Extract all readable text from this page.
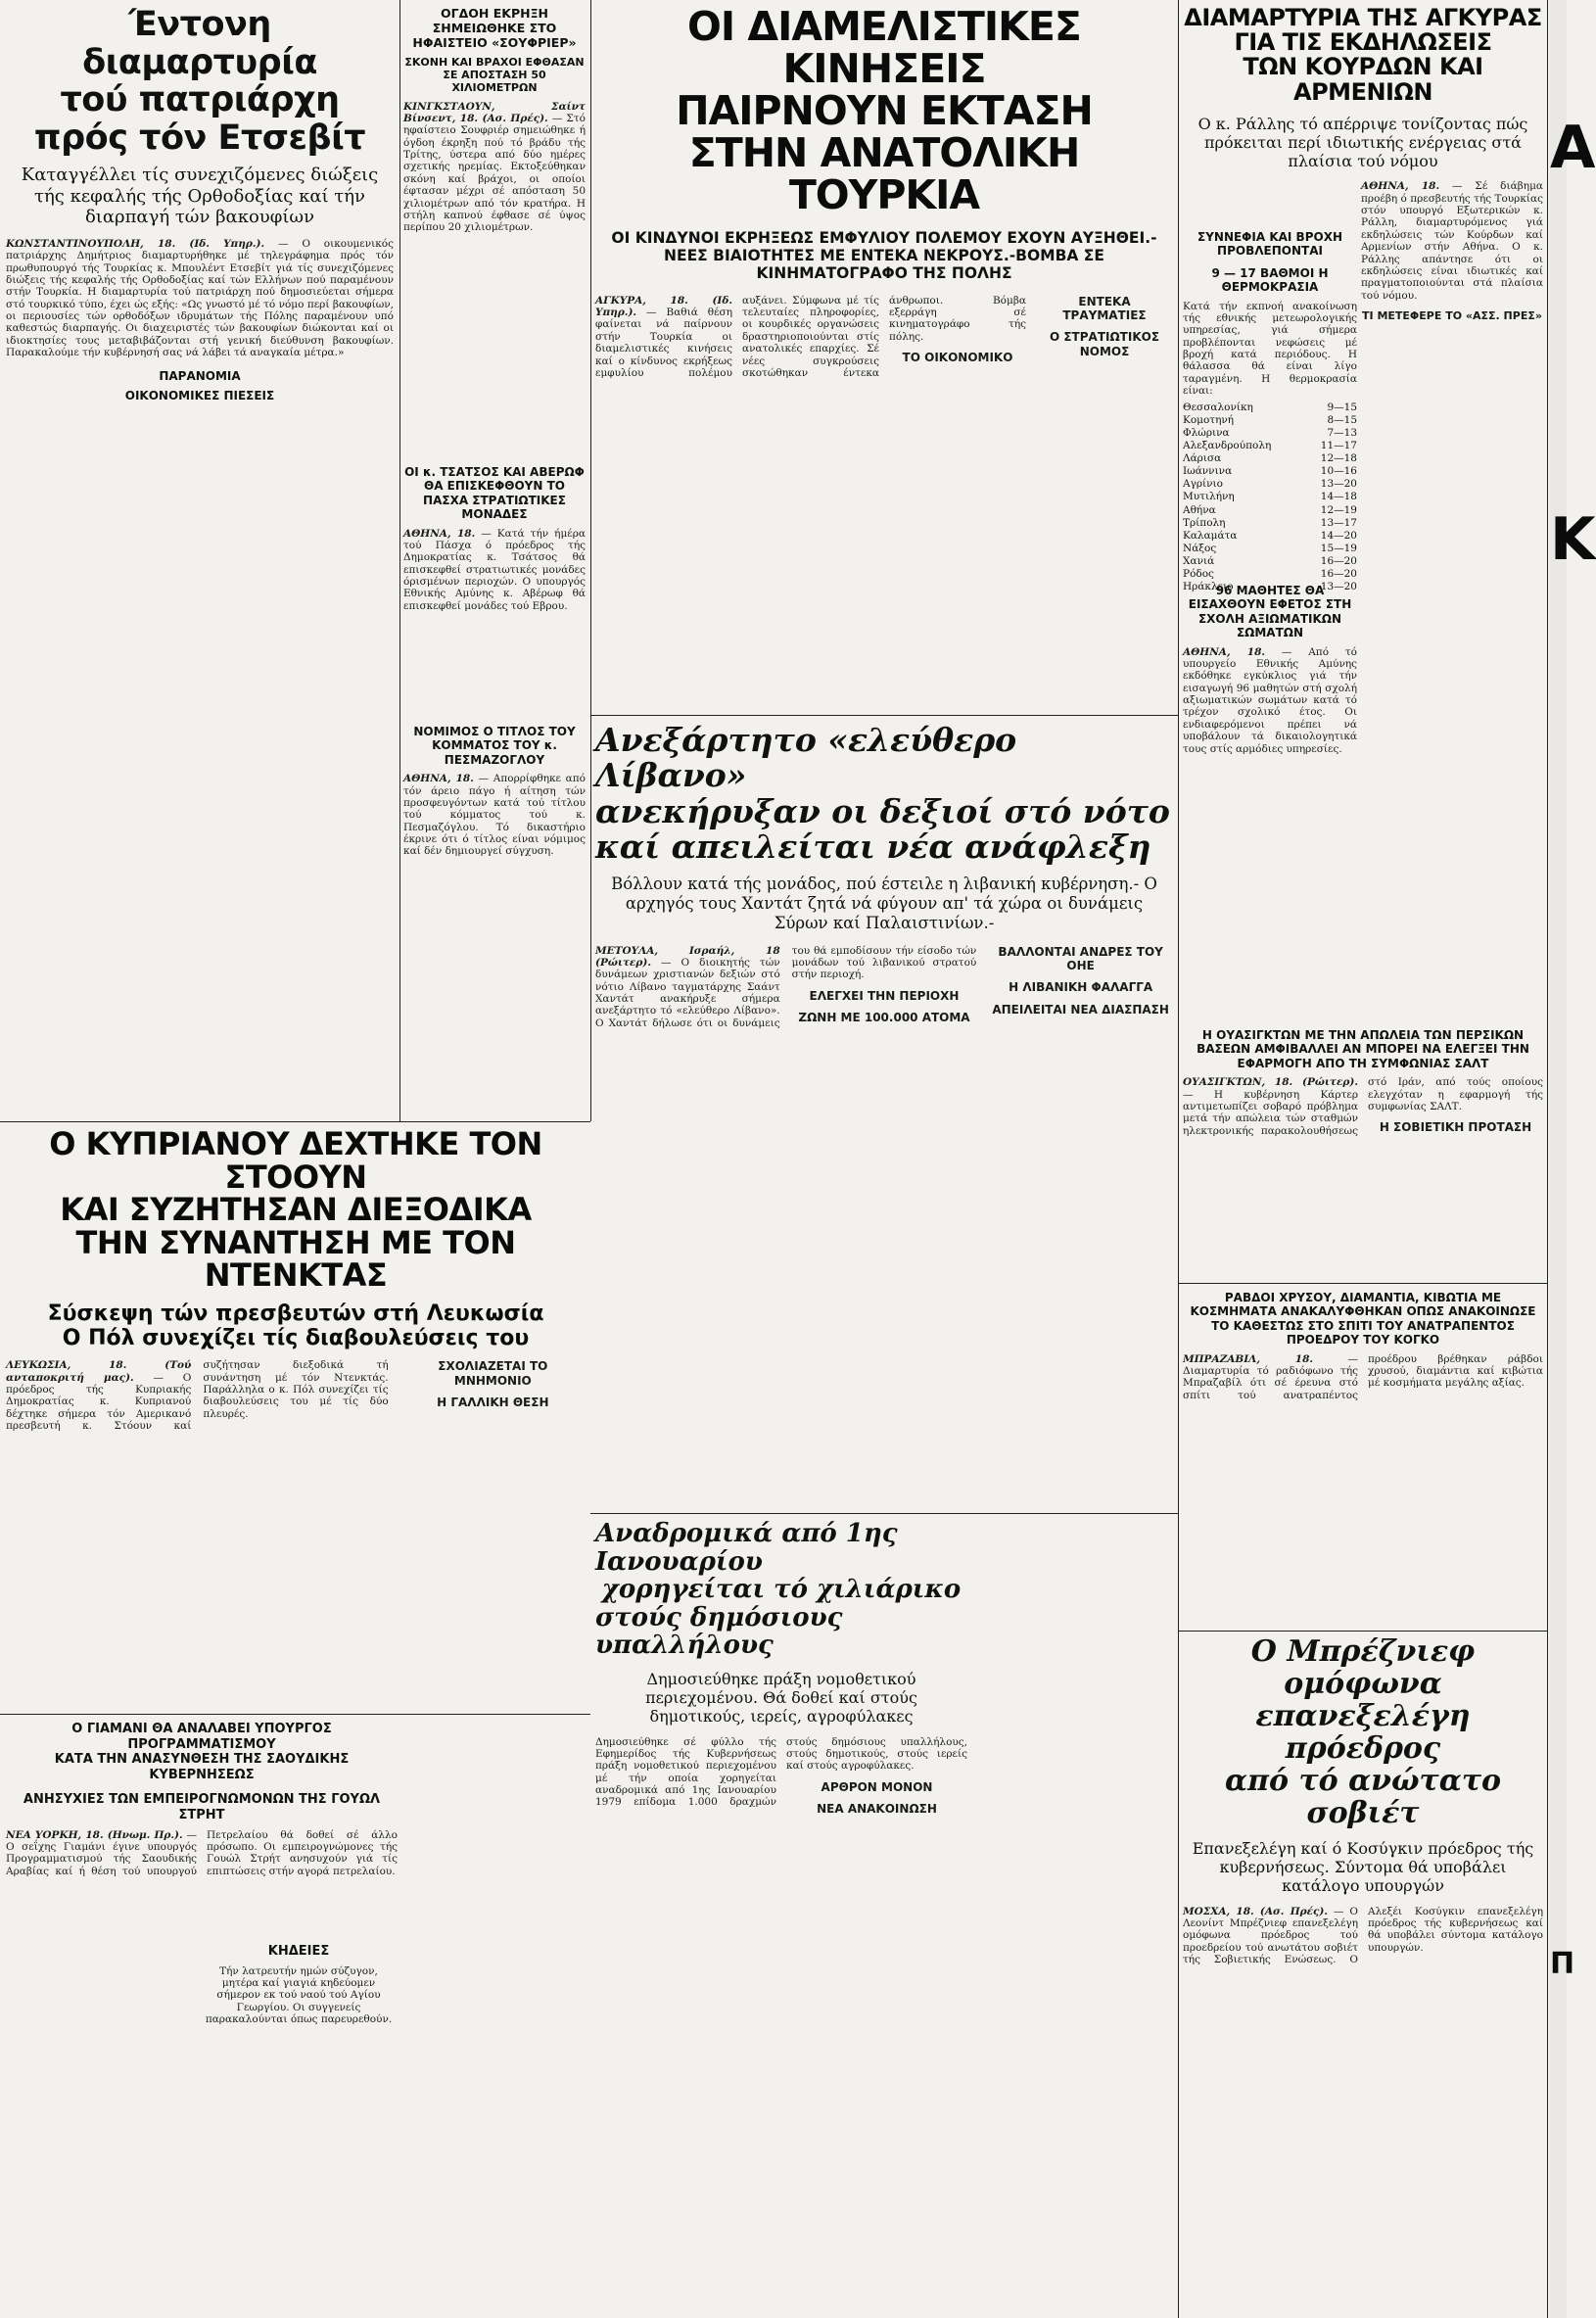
Έντονη διαμαρτυρία
τού πατριάρχη
πρός τόν Ετσεβίτ
Καταγγέλλει τίς συνεχιζόμενες διώξεις τής κεφαλής τής Ορθοδοξίας καί τήν διαρπαγή τών βακουφίων
ΚΩΝΣΤΑΝΤΙΝΟΥΠΟΛΗ, 18. (Ιδ. Υπηρ.). — Ο οικουμενικός πατριάρχης Δημήτριος διαμαρτυρήθηκε μέ τηλεγράφημα πρός τόν πρωθυπουργό τής Τουρκίας κ. Μπουλέντ Ετσεβίτ γιά τίς συνεχιζόμενες διώξεις τής κεφαλής τής Ορθοδοξίας καί τών Ελλήνων πού παραμένουν στήν Τουρκία. Η διαμαρτυρία τού πατριάρχη πού δημοσιεύεται σήμερα στό τουρκικό τύπο, έχει ώς εξής: «Ως γνωστό μέ τό νόμο περί βακουφίων, οι περιουσίες τών ορθοδόξων ιδρυμάτων τής Πόλης παραμένουν υπό καθεστώς διαρπαγής. Οι διαχειριστές τών βακουφίων διώκονται καί οι ιδιοκτησίες τους μεταβιβάζονται στή γενική διεύθυνση βακουφίων. Παρακαλούμε τήν κυβέρνησή σας νά λάβει τά αναγκαία μέτρα.»
ΠΑΡΑΝΟΜΙΑ
ΟΙΚΟΝΟΜΙΚΕΣ ΠΙΕΣΕΙΣ
ΟΓΔΟΗ ΕΚΡΗΞΗ ΣΗΜΕΙΩΘΗΚΕ ΣΤΟ ΗΦΑΙΣΤΕΙΟ «ΣΟΥΦΡΙΕΡ»
ΣΚΟΝΗ ΚΑΙ ΒΡΑΧΟΙ ΕΦΘΑΣΑΝ ΣΕ ΑΠΟΣΤΑΣΗ 50 ΧΙΛΙΟΜΕΤΡΩΝ
ΚΙΝΓΚΣΤΑΟΥΝ, Σαίντ Βίνσεντ, 18. (Ασ. Πρές). — Στό ηφαίστειο Σουφριέρ σημειώθηκε ή όγδοη έκρηξη πού τό βράδυ τής Τρίτης, ύστερα από δύο ημέρες σχετικής ηρεμίας. Εκτοξεύθηκαν σκόνη καί βράχοι, οι οποίοι έφτασαν μέχρι σέ απόσταση 50 χιλιομέτρων από τόν κρατήρα. Η στήλη καπνού έφθασε σέ ύψος περίπου 20 χιλιομέτρων.
ΟΙ κ. ΤΣΑΤΣΟΣ ΚΑΙ ΑΒΕΡΩΦ ΘΑ ΕΠΙΣΚΕΦΘΟΥΝ ΤΟ ΠΑΣΧΑ ΣΤΡΑΤΙΩΤΙΚΕΣ ΜΟΝΑΔΕΣ
ΑΘΗΝΑ, 18. — Κατά τήν ήμέρα τού Πάσχα ό πρόεδρος τής Δημοκρατίας κ. Τσάτσος θά επισκεφθεί στρατιωτικές μονάδες όρισμένων περιοχών. Ο υπουργός Εθνικής Αμύνης κ. Αβέρωφ θά επισκεφθεί μονάδες τού Εβρου.
ΝΟΜΙΜΟΣ Ο ΤΙΤΛΟΣ ΤΟΥ ΚΟΜΜΑΤΟΣ ΤΟΥ κ. ΠΕΣΜΑΖΟΓΛΟΥ
ΑΘΗΝΑ, 18. — Απορρίφθηκε από τόν άρειο πάγο ή αίτηση τών προσφευγόντων κατά τού τίτλου τού κόμματος τού κ. Πεσμαζόγλου. Τό δικαστήριο έκρινε ότι ό τίτλος είναι νόμιμος καί δέν δημιουργεί σύγχυση.
ΟΙ ΔΙΑΜΕΛΙΣΤΙΚΕΣ ΚΙΝΗΣΕΙΣ
ΠΑΙΡΝΟΥΝ ΕΚΤΑΣΗ
ΣΤΗΝ ΑΝΑΤΟΛΙΚΗ ΤΟΥΡΚΙΑ
ΟΙ ΚΙΝΔΥΝΟΙ ΕΚΡΗΞΕΩΣ ΕΜΦΥΛΙΟΥ ΠΟΛΕΜΟΥ ΕΧΟΥΝ ΑΥΞΗΘΕΙ.- ΝΕΕΣ ΒΙΑΙΟΤΗΤΕΣ ΜΕ ΕΝΤΕΚΑ ΝΕΚΡΟΥΣ.-ΒΟΜΒΑ ΣΕ ΚΙΝΗΜΑΤΟΓΡΑΦΟ ΤΗΣ ΠΟΛΗΣ
ΑΓΚΥΡΑ, 18. (Ιδ. Υπηρ.). — Βαθιά θέση φαίνεται νά παίρνουν στήν Τουρκία οι διαμελιστικές κινήσεις καί ο κίνδυνος εκρήξεως εμφυλίου πολέμου αυξάνει. Σύμφωνα μέ τίς τελευταίες πληροφορίες, οι κουρδικές οργανώσεις δραστηριοποιούνται στίς ανατολικές επαρχίες. Σέ νέες συγκρούσεις σκοτώθηκαν έντεκα άνθρωποι. Βόμβα εξερράγη σέ κινηματογράφο τής πόλης.
ΤΟ ΟΙΚΟΝΟΜΙΚΟ
ΕΝΤΕΚΑ ΤΡΑΥΜΑΤΙΕΣ
Ο ΣΤΡΑΤΙΩΤΙΚΟΣ ΝΟΜΟΣ
ΔΙΑΜΑΡΤΥΡΙΑ ΤΗΣ ΑΓΚΥΡΑΣ
ΓΙΑ ΤΙΣ ΕΚΔΗΛΩΣΕΙΣ
ΤΩΝ ΚΟΥΡΔΩΝ ΚΑΙ ΑΡΜΕΝΙΩΝ
Ο κ. Ράλλης τό απέρριψε τονίζοντας πώς πρόκειται περί ιδιωτικής ενέργειας στά πλαίσια τού νόμου
ΑΘΗΝΑ, 18. — Σέ διάβημα προέβη ό πρεσβευτής τής Τουρκίας στόν υπουργό Εξωτερικών κ. Ράλλη, διαμαρτυρόμενος γιά εκδηλώσεις τών Κούρδων καί Αρμενίων στήν Αθήνα. Ο κ. Ράλλης απάντησε ότι οι εκδηλώσεις είναι ιδιωτικές καί πραγματοποιούνται στά πλαίσια τού νόμου.
ΤΙ ΜΕΤΕΦΕΡΕ ΤΟ «ΑΣΣ. ΠΡΕΣ»
ΣΥΝΝΕΦΙΑ ΚΑΙ ΒΡΟΧΗ ΠΡΟΒΛΕΠΟΝΤΑΙ
9 — 17 ΒΑΘΜΟΙ Η ΘΕΡΜΟΚΡΑΣΙΑ
Κατά τήν εκπνοή ανακοίνωση τής εθνικής μετεωρολογικής υπηρεσίας, γιά σήμερα προβλέπονται νεφώσεις μέ βροχή κατά περιόδους. Η θάλασσα θά είναι λίγο ταραγμένη. Η θερμοκρασία είναι:
Θεσσαλονίκη	9—15
Κομοτηνή	8—15
Φλώρινα	7—13
Αλεξανδρούπολη	11—17
Λάρισα	12—18
Ιωάννινα	10—16
Αγρίνιο	13—20
Μυτιλήνη	14—18
Αθήνα	12—19
Τρίπολη	13—17
Καλαμάτα	14—20
Νάξος	15—19
Χανιά	16—20
Ρόδος	16—20
Ηράκλειο	13—20
96 ΜΑΘΗΤΕΣ ΘΑ ΕΙΣΑΧΘΟΥΝ ΕΦΕΤΟΣ ΣΤΗ ΣΧΟΛΗ ΑΞΙΩΜΑΤΙΚΩΝ ΣΩΜΑΤΩΝ
ΑΘΗΝΑ, 18. — Από τό υπουργείο Εθνικής Αμύνης εκδόθηκε εγκύκλιος γιά τήν εισαγωγή 96 μαθητών στή σχολή αξιωματικών σωμάτων κατά τό τρέχον σχολικό έτος. Οι ενδιαφερόμενοι πρέπει νά υποβάλουν τά δικαιολογητικά τους στίς αρμόδιες υπηρεσίες.
Ανεξάρτητο «ελεύθερο Λίβανο»
ανεκήρυξαν οι δεξιοί στό νότο
καί απειλείται νέα ανάφλεξη
Βόλλουν κατά τής μονάδος, πού έστειλε η λιβανική κυβέρνηση.- Ο αρχηγός τους Χαντάτ ζητά νά φύγουν απ' τά χώρα οι δυνάμεις Σύρων καί Παλαιστινίων.-
ΜΕΤΟΥΛΑ, Ισραήλ, 18 (Ρώιτερ). — Ο διοικητής τών δυνάμεων χριστιανών δεξιών στό νότιο Λίβανο ταγματάρχης Σαάντ Χαντάτ ανακήρυξε σήμερα ανεξάρτητο τό «ελεύθερο Λίβανο». Ο Χαντάτ δήλωσε ότι οι δυνάμεις του θά εμποδίσουν τήν είσοδο τών μονάδων τού λιβανικού στρατού στήν περιοχή.
ΕΛΕΓΧΕΙ ΤΗΝ ΠΕΡΙΟΧΗ
ΖΩΝΗ ΜΕ 100.000 ΑΤΟΜΑ
ΒΑΛΛΟΝΤΑΙ ΑΝΔΡΕΣ ΤΟΥ ΟΗΕ
Η ΛΙΒΑΝΙΚΗ ΦΑΛΑΓΓΑ
ΑΠΕΙΛΕΙΤΑΙ ΝΕΑ ΔΙΑΣΠΑΣΗ
Η ΟΥΑΣΙΓΚΤΩΝ ΜΕ ΤΗΝ ΑΠΩΛΕΙΑ ΤΩΝ ΠΕΡΣΙΚΩΝ ΒΑΣΕΩΝ ΑΜΦΙΒΑΛΛΕΙ ΑΝ ΜΠΟΡΕΙ ΝΑ ΕΛΕΓΞΕΙ ΤΗΝ ΕΦΑΡΜΟΓΗ ΑΠΟ ΤΗ ΣΥΜΦΩΝΙΑΣ ΣΑΛΤ
ΟΥΑΣΙΓΚΤΩΝ, 18. (Ρώιτερ). — Η κυβέρνηση Κάρτερ αντιμετωπίζει σοβαρό πρόβλημα μετά τήν απώλεια τών σταθμών ηλεκτρονικής παρακολουθήσεως στό Ιράν, από τούς οποίους ελεγχόταν η εφαρμογή τής συμφωνίας ΣΑΛΤ.
Η ΣΟΒΙΕΤΙΚΗ ΠΡΟΤΑΣΗ
ΡΑΒΔΟΙ ΧΡΥΣΟΥ, ΔΙΑΜΑΝΤΙΑ, ΚΙΒΩΤΙΑ ΜΕ ΚΟΣΜΗΜΑΤΑ ΑΝΑΚΑΛΥΦΘΗΚΑΝ ΟΠΩΣ ΑΝΑΚΟΙΝΩΣΕ ΤΟ ΚΑΘΕΣΤΩΣ ΣΤΟ ΣΠΙΤΙ ΤΟΥ ΑΝΑΤΡΑΠΕΝΤΟΣ ΠΡΟΕΔΡΟΥ ΤΟΥ ΚΟΓΚΟ
ΜΠΡΑΖΑΒΙΛ, 18.	— Διαμαρτυρία τό ραδιόφωνο τής Μπραζαβίλ ότι σέ έρευνα στό σπίτι τού ανατραπέντος προέδρου βρέθηκαν ράβδοι χρυσού, διαμάντια καί κιβώτια μέ κοσμήματα μεγάλης αξίας.
Ο Μπρέζνιεφ ομόφωνα
επανεξελέγη πρόεδρος
από τό ανώτατο σοβιέτ
Επανεξελέγη καί ό Κοσύγκιν πρόεδρος τής κυβερνήσεως. Σύντομα θά υποβάλει κατάλογο υπουργών
ΜΟΣΧΑ, 18. (Ασ. Πρές). — Ο Λεονίντ Μπρέζνιεφ επανεξελέγη ομόφωνα πρόεδρος τού προεδρείου τού ανωτάτου σοβιέτ τής Σοβιετικής Ενώσεως. Ο Αλεξέι Κοσύγκιν επανεξελέγη πρόεδρος τής κυβερνήσεως καί θά υποβάλει σύντομα κατάλογο υπουργών.
Ο ΚΥΠΡΙΑΝΟΥ ΔΕΧΤΗΚΕ ΤΟΝ ΣΤΟΟΥΝ
ΚΑΙ ΣΥΖΗΤΗΣΑΝ ΔΙΕΞΟΔΙΚΑ
ΤΗΝ ΣΥΝΑΝΤΗΣΗ ΜΕ ΤΟΝ ΝΤΕΝΚΤΑΣ
Σύσκεψη τών πρεσβευτών στή Λευκωσία
Ο Πόλ συνεχίζει τίς διαβουλεύσεις του
ΛΕΥΚΩΣΙΑ, 18. (Τού ανταποκριτή μας). — Ο πρόεδρος τής Κυπριακής Δημοκρατίας κ. Κυπριανού δέχτηκε σήμερα τόν Αμερικανό πρεσβευτή κ. Στόουν καί συζήτησαν διεξοδικά τή συνάντηση μέ τόν Ντενκτάς. Παράλληλα ο κ. Πόλ συνεχίζει τίς διαβουλεύσεις του μέ τίς δύο πλευρές.
ΣΧΟΛΙΑΖΕΤΑΙ ΤΟ ΜΝΗΜΟΝΙΟ
Η ΓΑΛΛΙΚΗ ΘΕΣΗ
Ο ΓΙΑΜΑΝΙ ΘΑ ΑΝΑΛΑΒΕΙ ΥΠΟΥΡΓΟΣ ΠΡΟΓΡΑΜΜΑΤΙΣΜΟΥ
ΚΑΤΑ ΤΗΝ ΑΝΑΣΥΝΘΕΣΗ ΤΗΣ ΣΑΟΥΔΙΚΗΣ ΚΥΒΕΡΝΗΣΕΩΣ
ΑΝΗΣΥΧΙΕΣ ΤΩΝ ΕΜΠΕΙΡΟΓΝΩΜΟΝΩΝ ΤΗΣ ΓΟΥΩΛ ΣΤΡΗΤ
ΝΕΑ ΥΟΡΚΗ, 18. (Ηνωμ. Πρ.). — Ο σεΐχης Γιαμάνι έγινε υπουργός Προγραμματισμού τής Σαουδικής Αραβίας καί ή θέση τού υπουργού Πετρελαίου θά δοθεί σέ άλλο πρόσωπο. Οι εμπειρογνώμονες τής Γουώλ Στρήτ ανησυχούν γιά τίς επιπτώσεις στήν αγορά πετρελαίου.
ΚΗΔΕΙΕΣ
Τήν λατρευτήν ημών σύζυγον, μητέρα καί γιαγιά κηδεύομεν σήμερον εκ τού ναού τού Αγίου Γεωργίου. Οι συγγενείς παρακαλούνται όπως παρευρεθούν.
Αναδρομικά από 1ης Ιανουαρίου
χορηγείται τό χιλιάρικο
στούς δημόσιους υπαλλήλους
Δημοσιεύθηκε πράξη νομοθετικού περιεχομένου. Θά δοθεί καί στούς δημοτικούς, ιερείς, αγροφύλακες
Δημοσιεύθηκε σέ φύλλο τής Εφημερίδος τής Κυβερνήσεως πράξη νομοθετικού περιεχομένου μέ τήν οποία χορηγείται αναδρομικά από 1ης Ιανουαρίου 1979 επίδομα 1.000 δραχμών στούς δημόσιους υπαλλήλους, στούς δημοτικούς, στούς ιερείς καί στούς αγροφύλακες.
ΑΡΘΡΟΝ ΜΟΝΟΝ
ΝΕΑ ΑΝΑΚΟΙΝΩΣΗ
Α
Κ
Π
